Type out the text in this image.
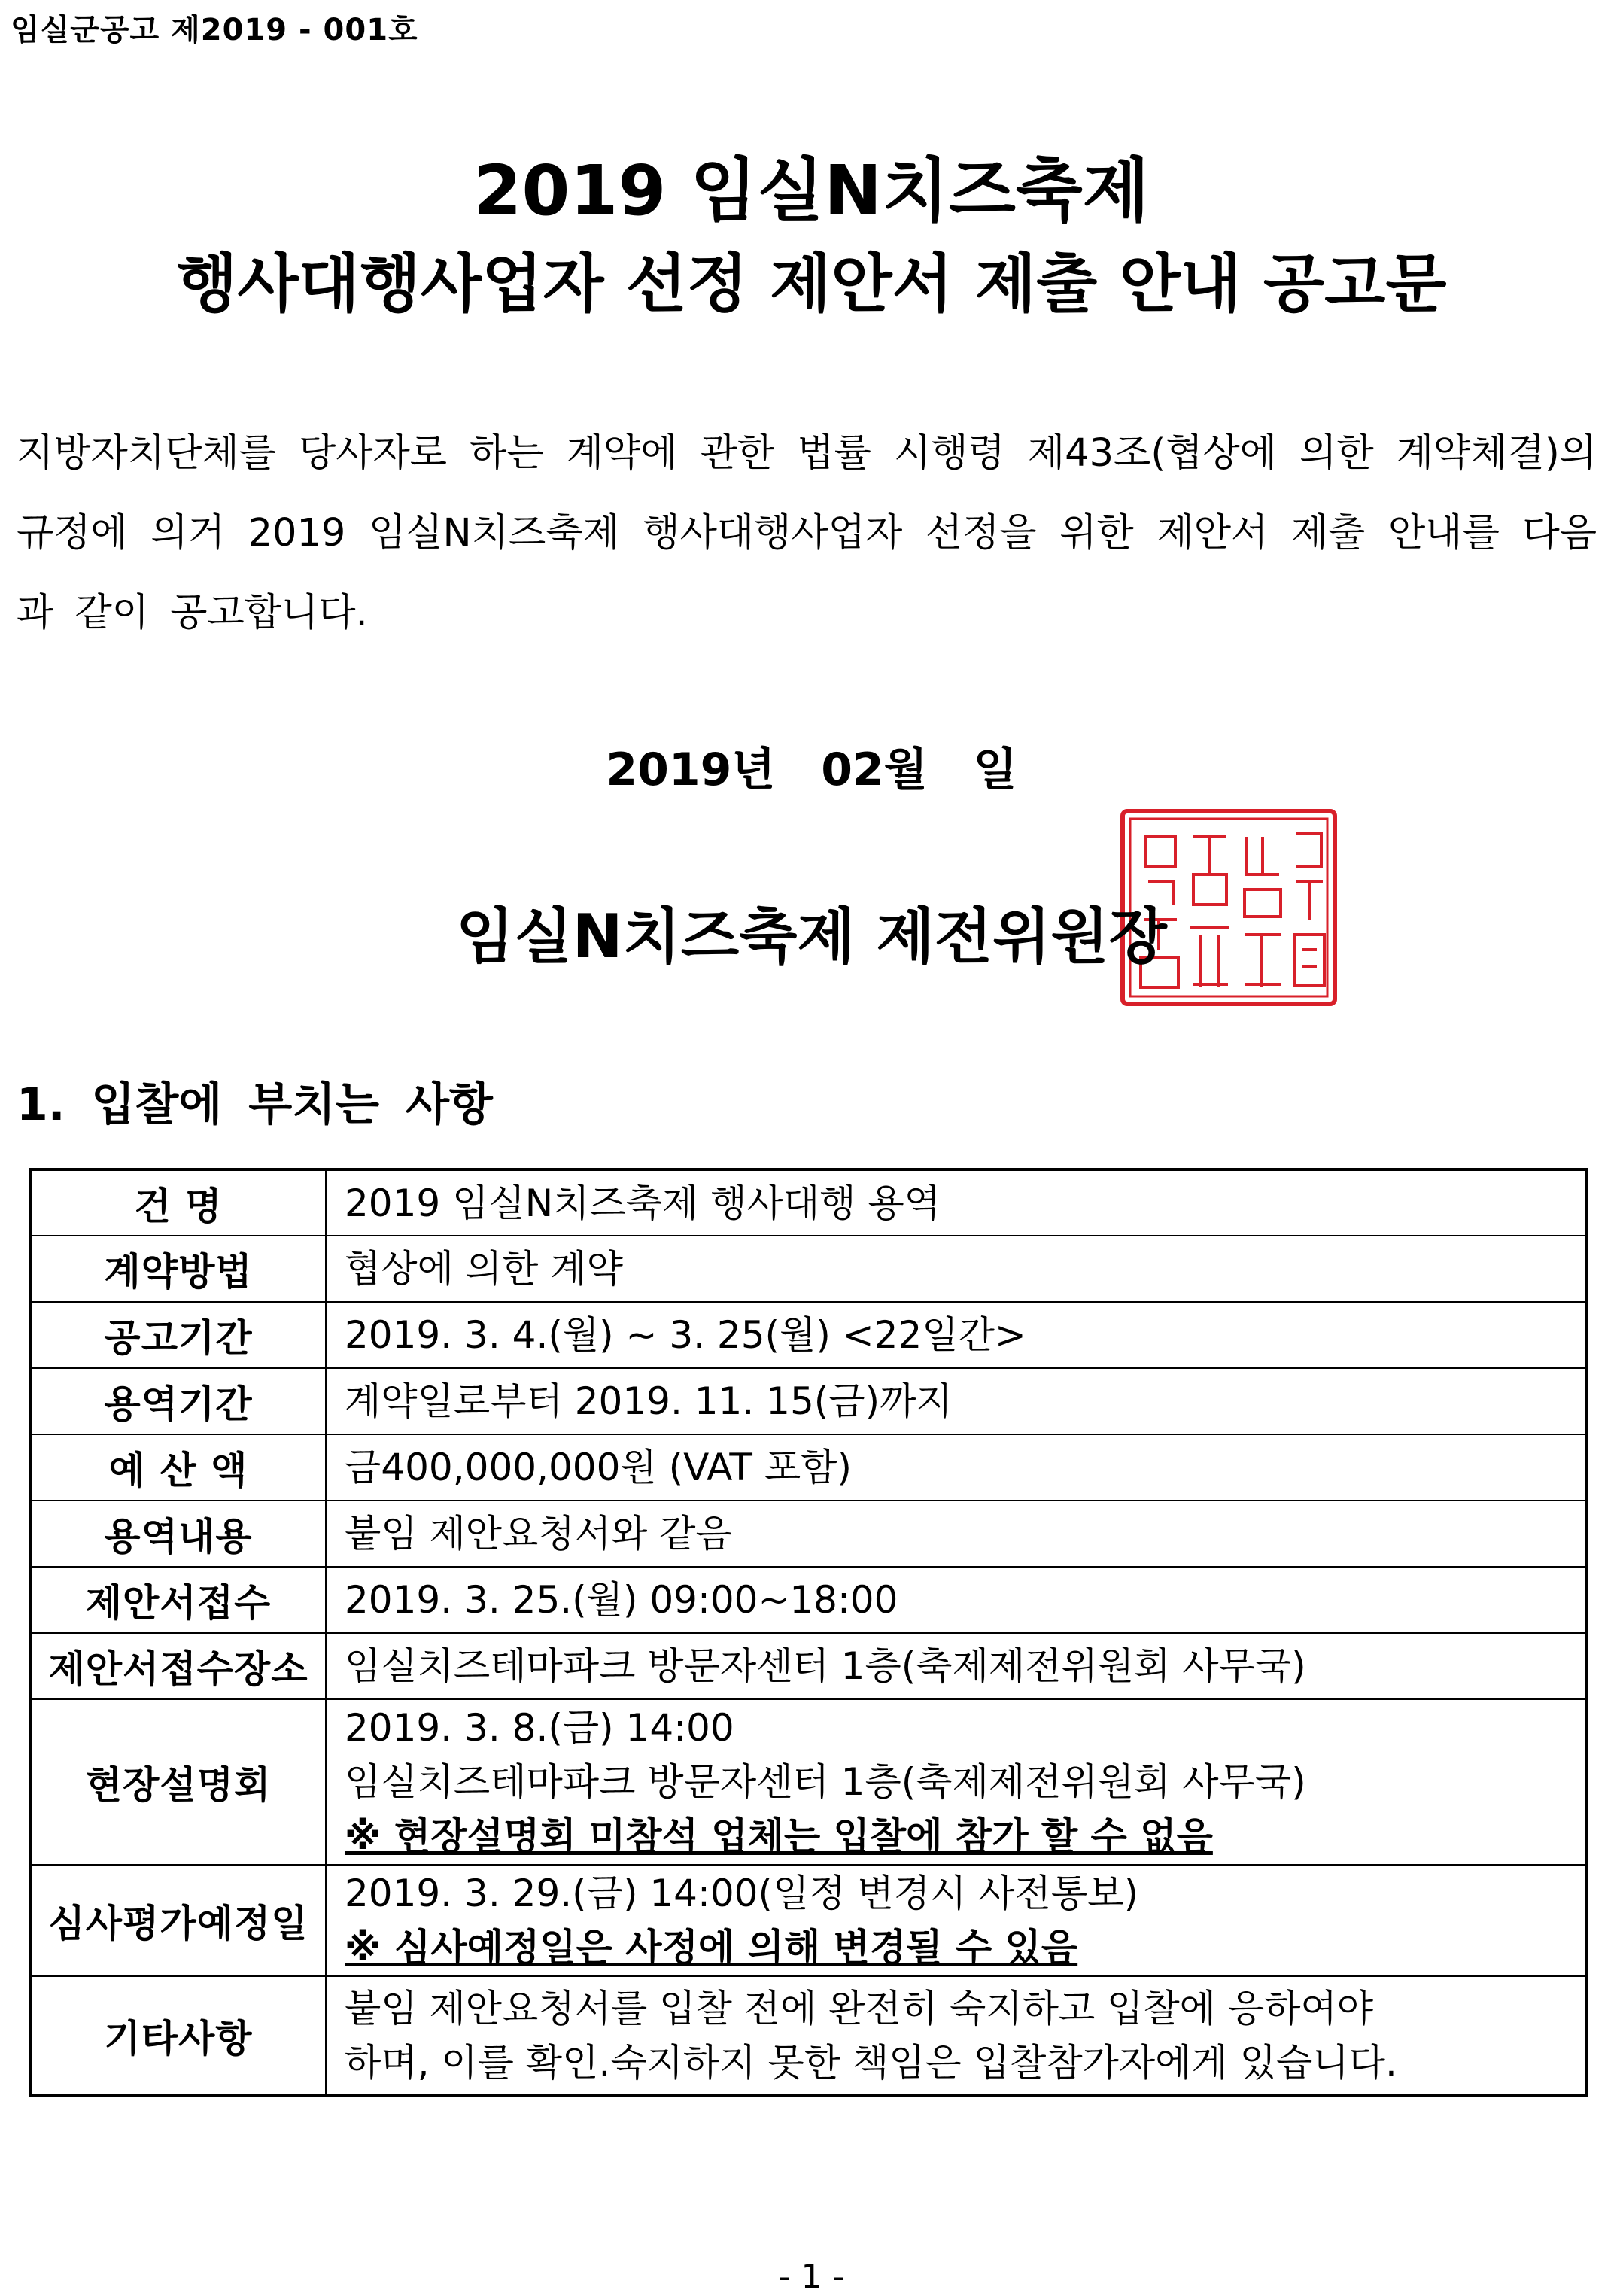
임실군공고 제2019 - 001호
2019 임실N치즈축제
행사대행사업자 선정 제안서 제출 안내 공고문
지방자치단체를 당사자로 하는 계약에 관한 법률 시행령 제43조(협상에 의한 계약체결)의 규정에 의거 2019 임실N치즈축제 행사대행사업자 선정을 위한 제안서 제출 안내를 다음과 같이 공고합니다.
2019년 02월 일
임실N치즈축제 제전위원장
1. 입찰에 부치는 사항
건 명	2019 임실N치즈축제 행사대행 용역

계약방법	협상에 의한 계약

공고기간	2019. 3. 4.(월) ~ 3. 25(월) <22일간>

용역기간	계약일로부터 2019. 11. 15(금)까지

예 산 액	금400,000,000원 (VAT 포함)

용역내용	붙임 제안요청서와 같음

제안서접수	2019. 3. 25.(월) 09:00~18:00

제안서접수장소	임실치즈테마파크 방문자센터 1층(축제제전위원회 사무국)

현장설명회	2019. 3. 8.(금) 14:00
임실치즈테마파크 방문자센터 1층(축제제전위원회 사무국)
※ 현장설명회 미참석 업체는 입찰에 참가 할 수 없음

심사평가예정일	2019. 3. 29.(금) 14:00(일정 변경시 사전통보)
※ 심사예정일은 사정에 의해 변경될 수 있음

기타사항	붙임 제안요청서를 입찰 전에 완전히 숙지하고 입찰에 응하여야
하며, 이를 확인.숙지하지 못한 책임은 입찰참가자에게 있습니다.
- 1 -
